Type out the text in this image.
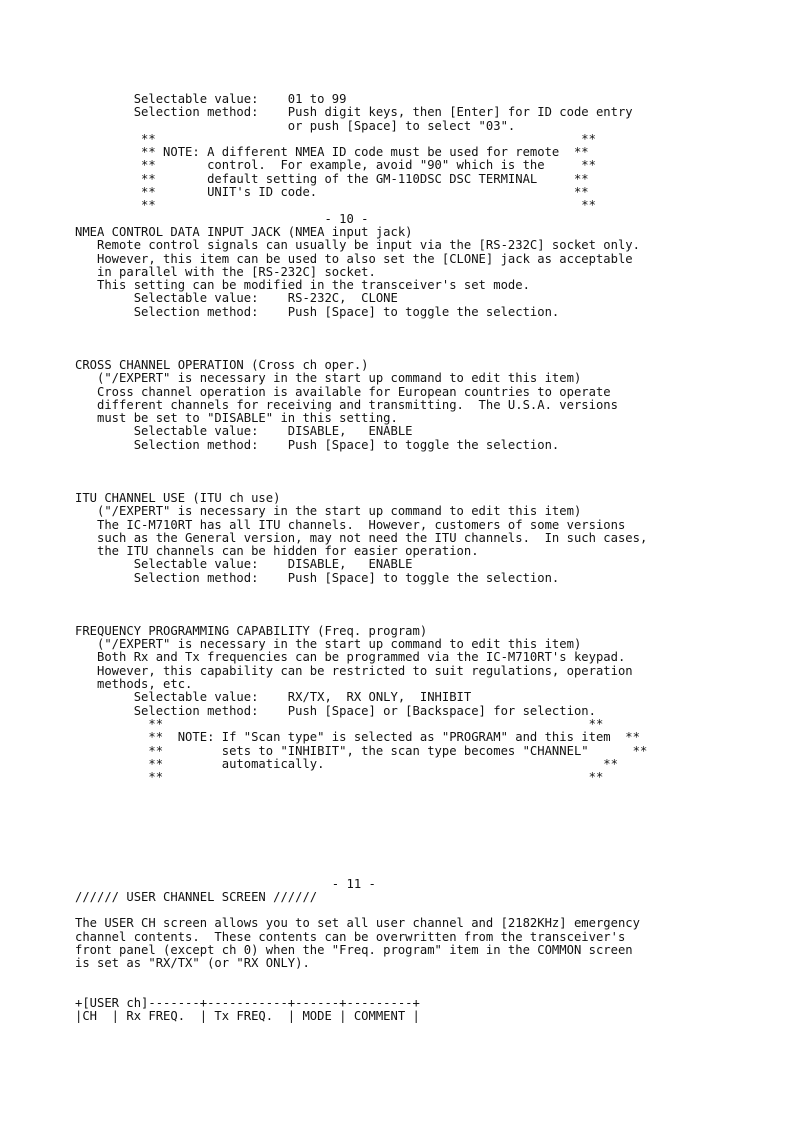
Selectable value:    01 to 99
Selection method:    Push digit keys, then [Enter] for ID code entry
or push [Space] to select "03".
**                                                          **
** NOTE: A different NMEA ID code must be used for remote  **
**       control.  For example, avoid "90" which is the     **
**       default setting of the GM-110DSC DSC TERMINAL     **
**       UNIT's ID code.                                   **
**                                                          **
- 10 -
NMEA CONTROL DATA INPUT JACK (NMEA input jack)
Remote control signals can usually be input via the [RS-232C] socket only.
However, this item can be used to also set the [CLONE] jack as acceptable
in parallel with the [RS-232C] socket.
This setting can be modified in the transceiver's set mode.
Selectable value:    RS-232C,  CLONE
Selection method:    Push [Space] to toggle the selection.
CROSS CHANNEL OPERATION (Cross ch oper.)
("/EXPERT" is necessary in the start up command to edit this item)
Cross channel operation is available for European countries to operate
different channels for receiving and transmitting.  The U.S.A. versions
must be set to "DISABLE" in this setting.
Selectable value:    DISABLE,   ENABLE
Selection method:    Push [Space] to toggle the selection.
ITU CHANNEL USE (ITU ch use)
("/EXPERT" is necessary in the start up command to edit this item)
The IC-M710RT has all ITU channels.  However, customers of some versions
such as the General version, may not need the ITU channels.  In such cases,
the ITU channels can be hidden for easier operation.
Selectable value:    DISABLE,   ENABLE
Selection method:    Push [Space] to toggle the selection.
FREQUENCY PROGRAMMING CAPABILITY (Freq. program)
("/EXPERT" is necessary in the start up command to edit this item)
Both Rx and Tx frequencies can be programmed via the IC-M710RT's keypad.
However, this capability can be restricted to suit regulations, operation
methods, etc.
Selectable value:    RX/TX,  RX ONLY,  INHIBIT
Selection method:    Push [Space] or [Backspace] for selection.
**                                                          **
**  NOTE: If "Scan type" is selected as "PROGRAM" and this item  **
**        sets to "INHIBIT", the scan type becomes "CHANNEL"      **
**        automatically.                                      **
**                                                          **
- 11 -
////// USER CHANNEL SCREEN //////
The USER CH screen allows you to set all user channel and [2182KHz] emergency
channel contents.  These contents can be overwritten from the transceiver's
front panel (except ch 0) when the "Freq. program" item in the COMMON screen
is set as "RX/TX" (or "RX ONLY).
+[USER ch]-------+-----------+------+---------+
|CH  | Rx FREQ.  | Tx FREQ.  | MODE | COMMENT |
